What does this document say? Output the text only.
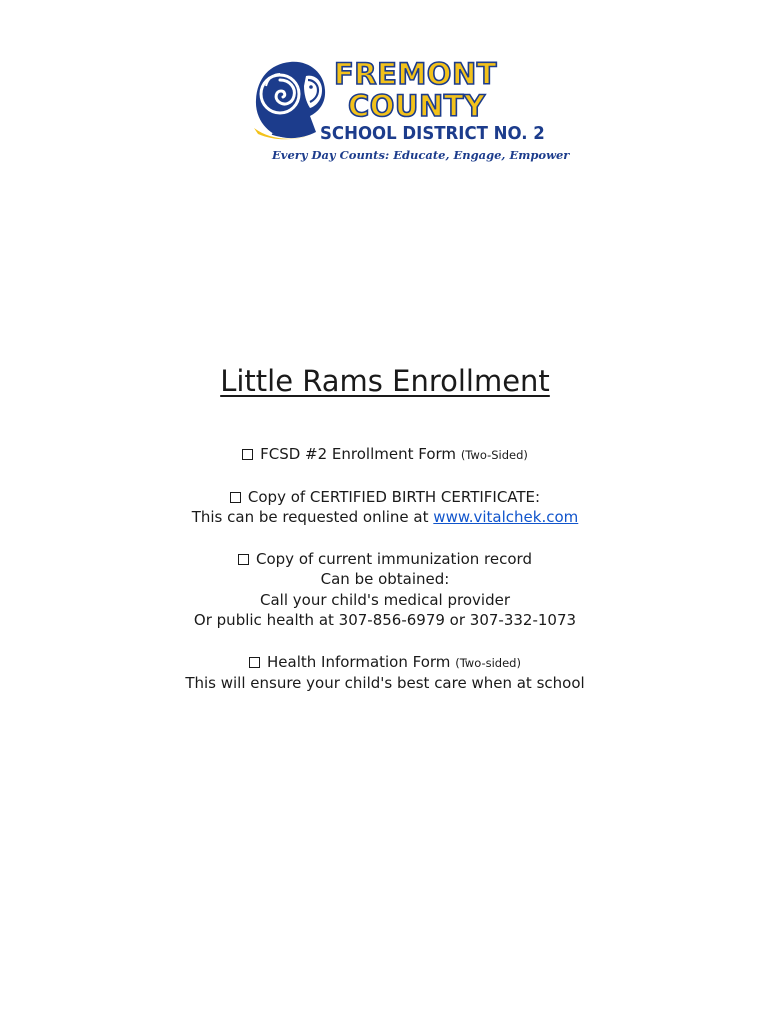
FREMONT
COUNTY
SCHOOL DISTRICT NO. 2
Every Day Counts: Educate, Engage, Empower
Little Rams Enrollment
FCSD #2 Enrollment Form (Two-Sided)
Copy of CERTIFIED BIRTH CERTIFICATE:
This can be requested online at www.vitalchek.com
Copy of current immunization record
Can be obtained:
Call your child's medical provider
Or public health at 307-856-6979 or 307-332-1073
Health Information Form (Two-sided)
This will ensure your child's best care when at school
